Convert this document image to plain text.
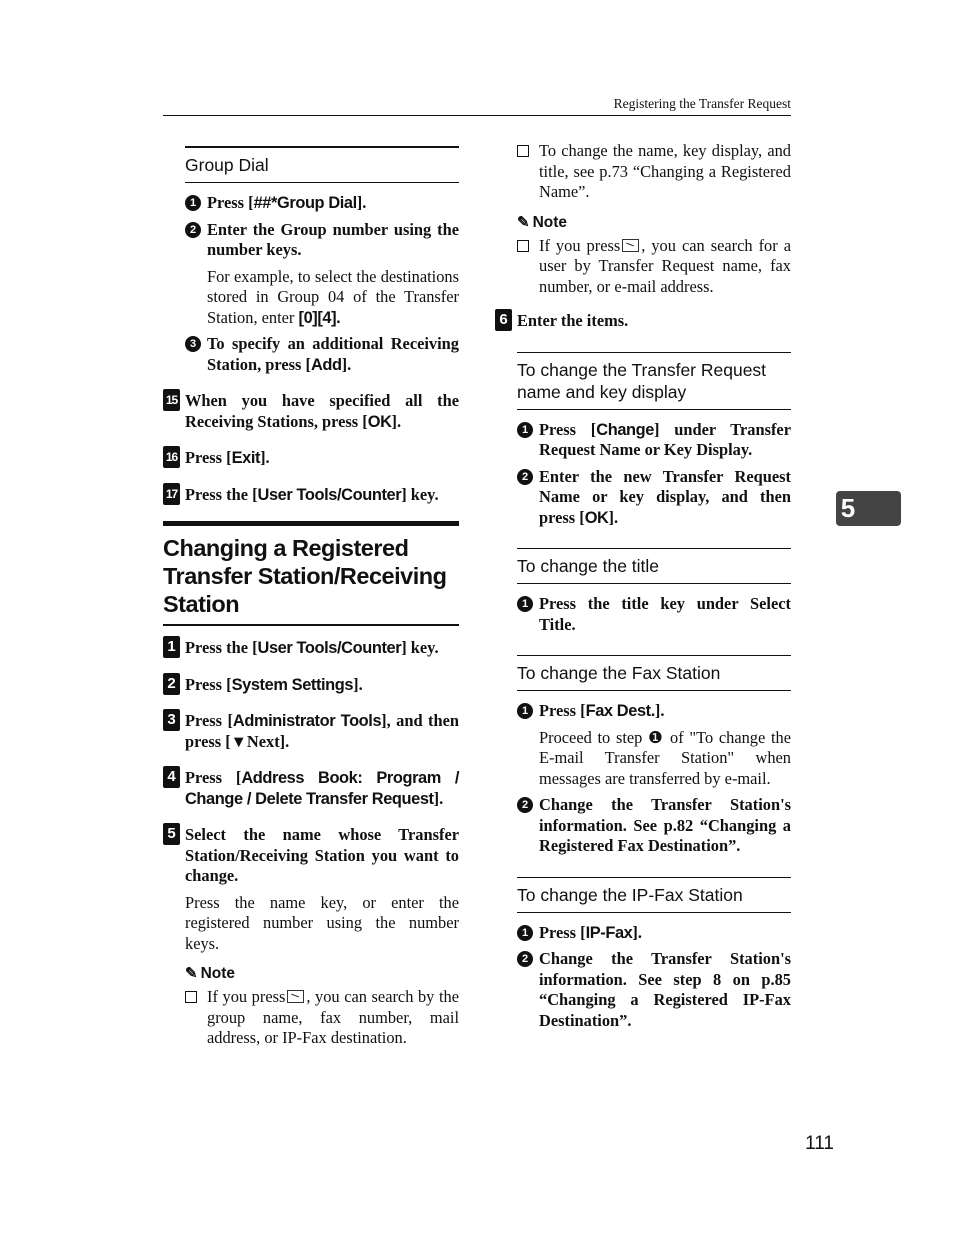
Registering the Transfer Request
Group Dial
1 Press [##*Group Dial].
2 Enter the Group number using the number keys.
For example, to select the destinations stored in Group 04 of the Transfer Station, enter [0][4].
3 To specify an additional Receiving Station, press [Add].
15 When you have specified all the Receiving Stations, press [OK].
16 Press [Exit].
17 Press the [User Tools/Counter] key.
Changing a Registered Transfer Station/Receiving Station
1 Press the [User Tools/Counter] key.
2 Press [System Settings].
3 Press [Administrator Tools], and then press [▼Next].
4 Press [Address Book: Program / Change / Delete Transfer Request].
5 Select the name whose Transfer Station/Receiving Station you want to change.
Press the name key, or enter the registered number using the number keys.
✎ Note
If you press , you can search by the group name, fax number, mail address, or IP-Fax destination.
To change the name, key display, and title, see p.73 “Changing a Registered Name”.
✎ Note
If you press , you can search for a user by Transfer Request name, fax number, or e-mail address.
6 Enter the items.
To change the Transfer Request name and key display
1 Press [Change] under Transfer Request Name or Key Display.
2 Enter the new Transfer Request Name or key display, and then press [OK].
To change the title
1 Press the title key under Select Title.
To change the Fax Station
1 Press [Fax Dest.].
Proceed to step ❶ of "To change the E-mail Transfer Station" when messages are transferred by e-mail.
2 Change the Transfer Station's information. See p.82 “Changing a Registered Fax Destination”.
To change the IP-Fax Station
1 Press [IP-Fax].
2 Change the Transfer Station's information. See step 8 on p.85 “Changing a Registered IP-Fax Destination”.
5
111
